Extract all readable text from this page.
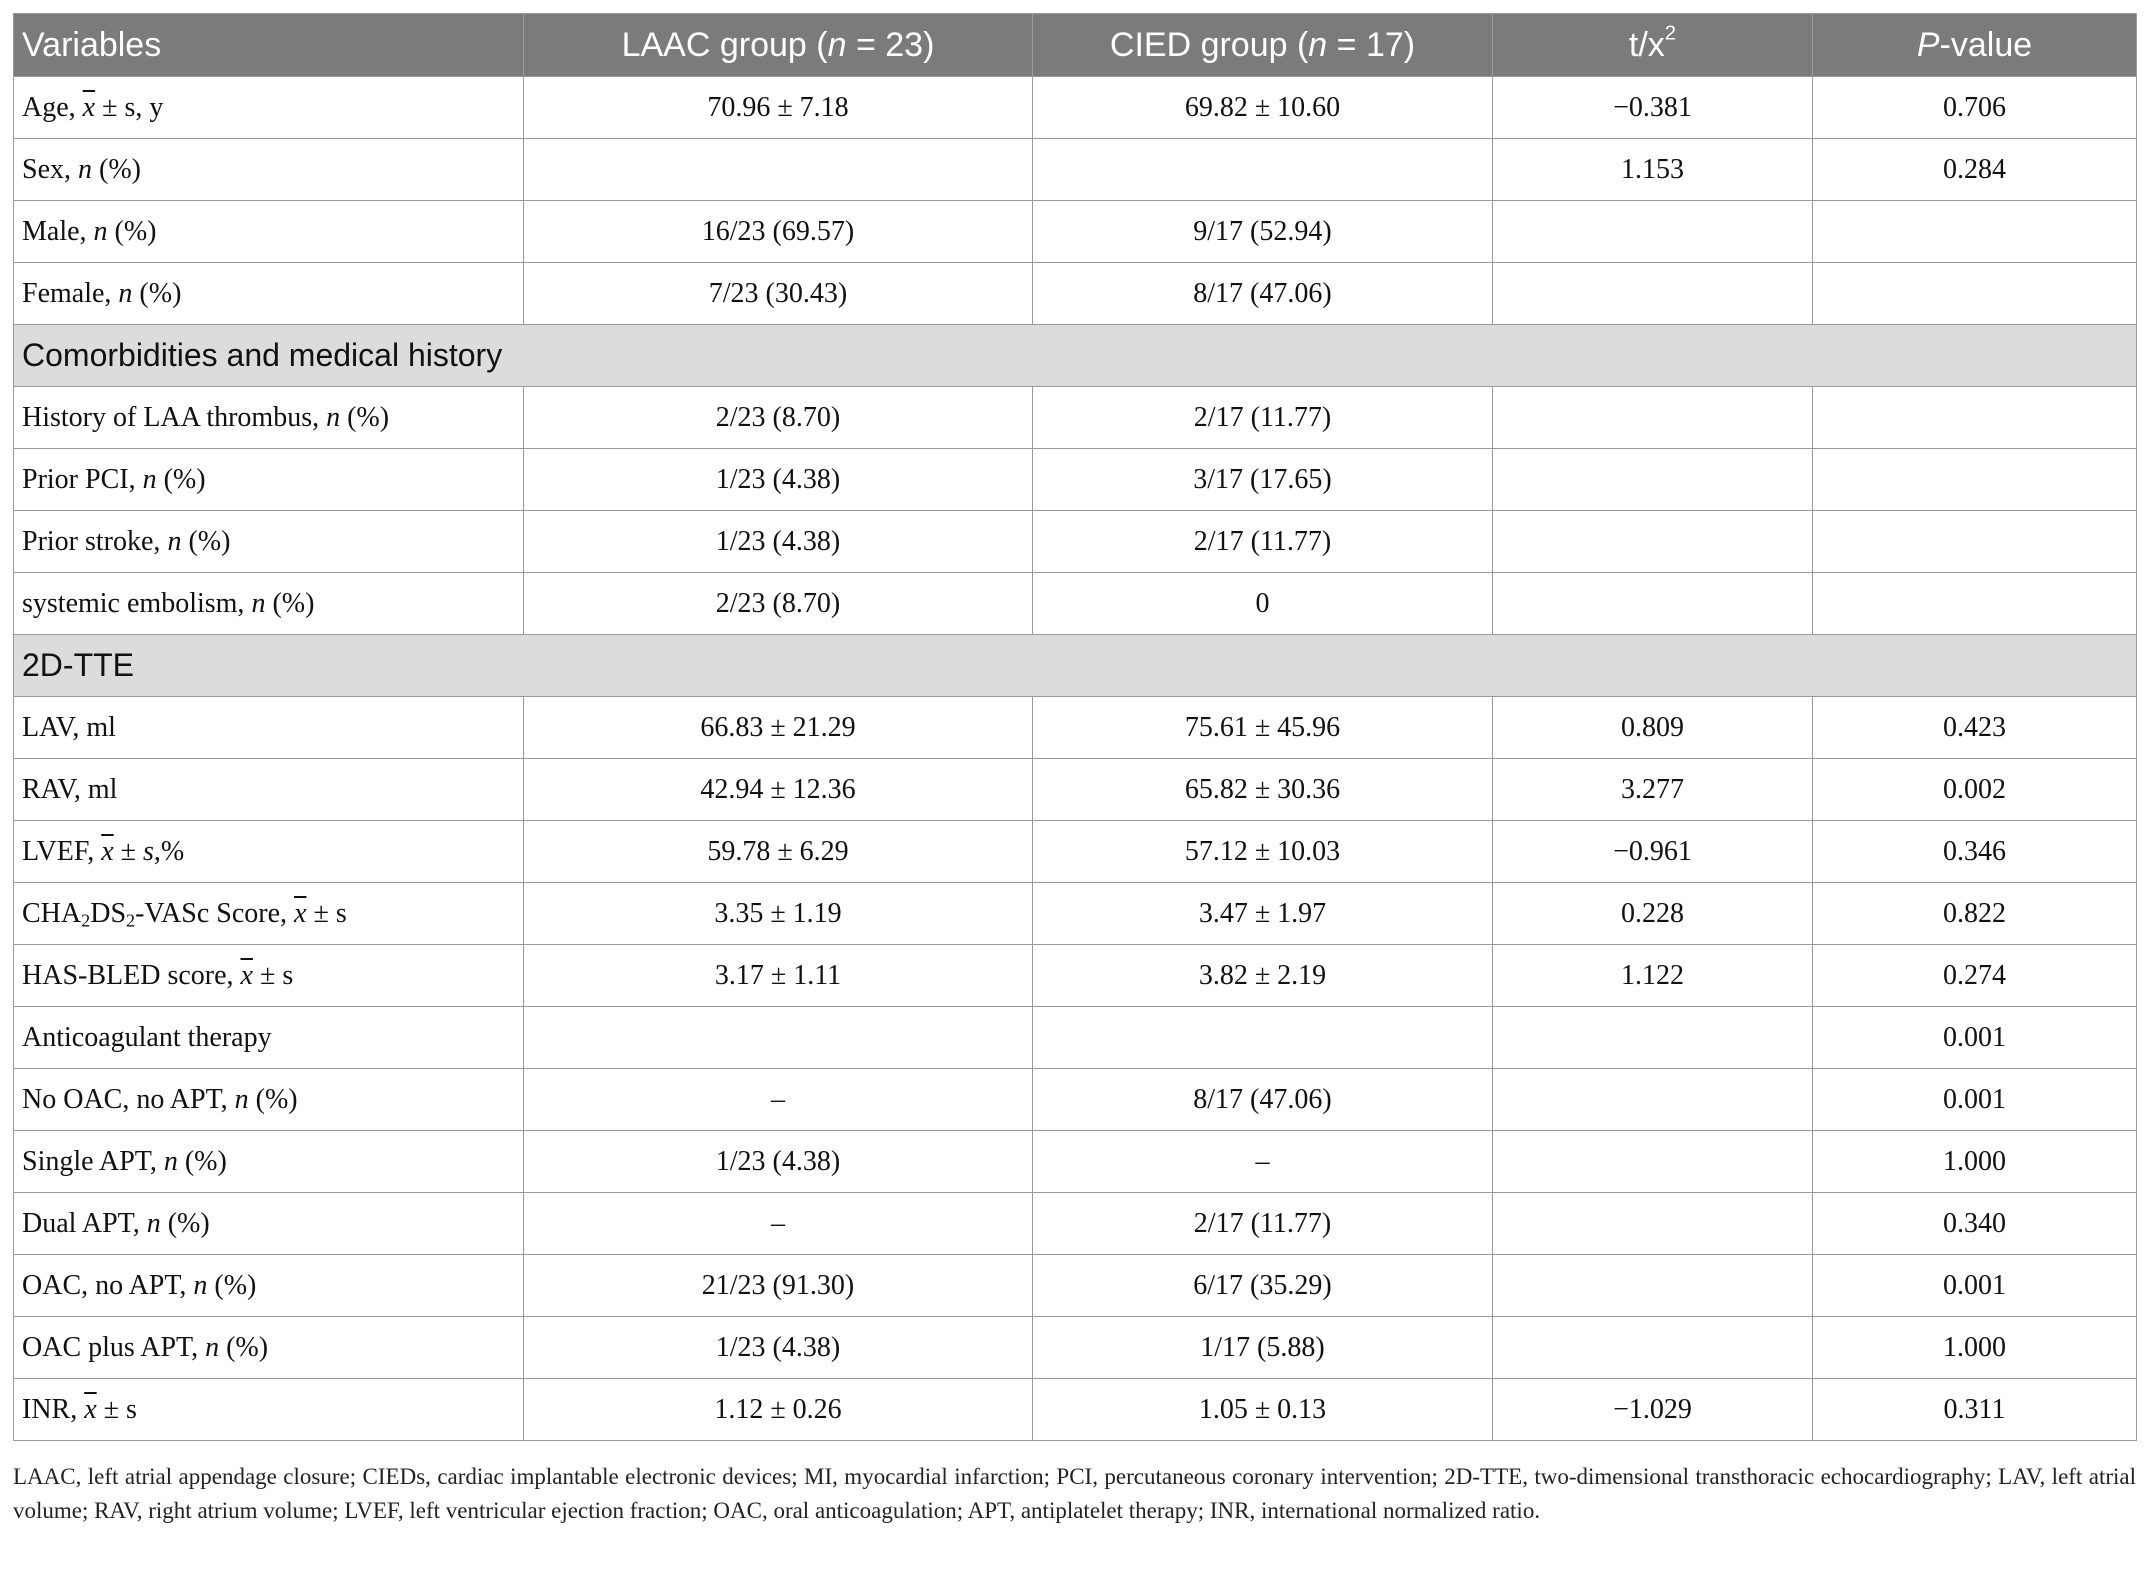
Variables	LAAC group (n = 23)	CIED group (n = 17)	$t/x^2$	P-value
Age, $\overline{x} \pm s$, y	70.96 ± 7.18	69.82 ± 10.60	−0.381	0.706
Sex, n (%)			1.153	0.284
Male, n (%)	16/23 (69.57)	9/17 (52.94)		
Female, n (%)	7/23 (30.43)	8/17 (47.06)		
Comorbidities and medical history				
History of LAA thrombus, n (%)	2/23 (8.70)	2/17 (11.77)		
Prior PCI, n (%)	1/23 (4.38)	3/17 (17.65)		
Prior stroke, n (%)	1/23 (4.38)	2/17 (11.77)		
systemic embolism, n (%)	2/23 (8.70)	0		
2D-TTE				
LAV, ml	66.83 ± 21.29	75.61 ± 45.96	0.809	0.423
RAV, ml	42.94 ± 12.36	65.82 ± 30.36	3.277	0.002
LVEF, $\overline{x} \pm s,\%$	59.78 ± 6.29	57.12 ± 10.03	−0.961	0.346
$CHA_2DS_2$-VASc Score, $\overline{x} \pm s$	3.35 ± 1.19	3.47 ± 1.97	0.228	0.822
HAS-BLED score, $\overline{x} \pm s$	3.17 ± 1.11	3.82 ± 2.19	1.122	0.274
Anticoagulant therapy				0.001
No OAC, no APT, n (%)	–	8/17 (47.06)		0.001
Single APT, n (%)	1/23 (4.38)	–		1.000
Dual APT, n (%)	–	2/17 (11.77)		0.340
OAC, no APT, n (%)	21/23 (91.30)	6/17 (35.29)		0.001
OAC plus APT, n (%)	1/23 (4.38)	1/17 (5.88)		1.000
INR, $\overline{x} \pm s$	1.12 ± 0.26	1.05 ± 0.13	−1.029	0.311
LAAC, left atrial appendage closure; CIEDs, cardiac implantable electronic devices; MI, myocardial infarction; PCI, percutaneous coronary intervention; 2D-TTE, two-dimensional transthoracic echocardiography; LAV, left atrial volume; RAV, right atrium volume; LVEF, left ventricular ejection fraction; OAC, oral anticoagulation; APT, antiplatelet therapy; INR, international normalized ratio.
